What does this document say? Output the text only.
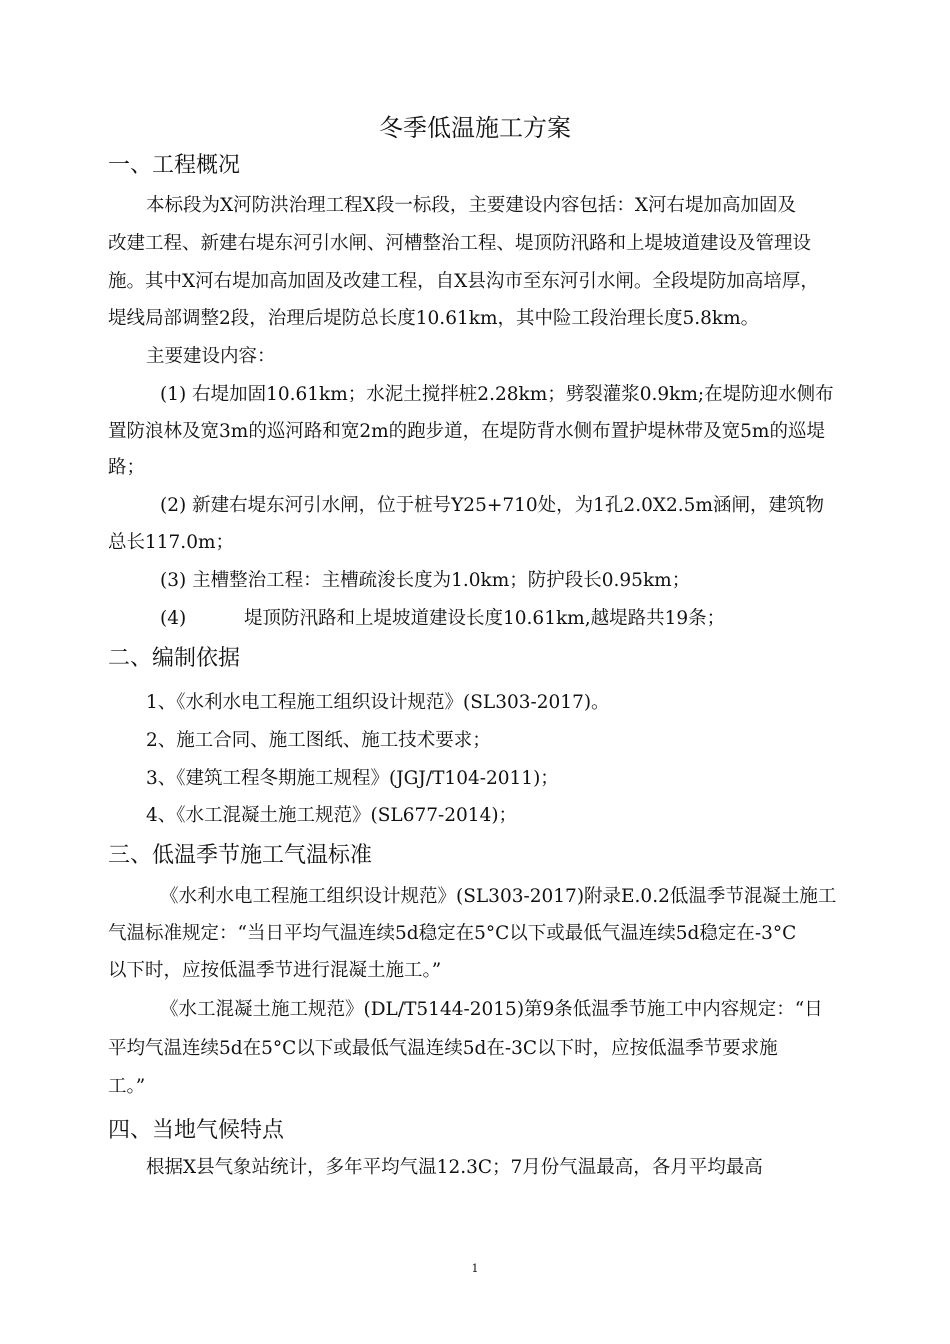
冬季低温施工方案
一、工程概况
本标段为X河防洪治理工程X段一标段，主要建设内容包括：X河右堤加高加固及
改建工程、新建右堤东河引水闸、河槽整治工程、堤顶防汛路和上堤坡道建设及管理设
施。其中X河右堤加高加固及改建工程，自X县沟市至东河引水闸。全段堤防加高培厚，
堤线局部调整2段，治理后堤防总长度10.61km，其中险工段治理长度5.8km。
主要建设内容：
(1) 右堤加固10.61km；水泥土搅拌桩2.28km；劈裂灌浆0.9km;在堤防迎水侧布
置防浪林及宽3m的巡河路和宽2m的跑步道，在堤防背水侧布置护堤林带及宽5m的巡堤
路；
(2) 新建右堤东河引水闸，位于桩号Y25+710处，为1孔2.0X2.5m涵闸，建筑物
总长117.0m；
(3) 主槽整治工程：主槽疏浚长度为1.0km；防护段长0.95km；
(4)	堤顶防汛路和上堤坡道建设长度10.61km,越堤路共19条；
二、编制依据
1、《水利水电工程施工组织设计规范》(SL303-2017)。
2、施工合同、施工图纸、施工技术要求；
3、《建筑工程冬期施工规程》(JGJ/T104-2011)；
4、《水工混凝土施工规范》(SL677-2014)；
三、低温季节施工气温标准
《水利水电工程施工组织设计规范》(SL303-2017)附录E.0.2低温季节混凝土施工
气温标准规定：“当日平均气温连续5d稳定在5°C以下或最低气温连续5d稳定在-3°C
以下时，应按低温季节进行混凝土施工。”
《水工混凝土施工规范》(DL/T5144-2015)第9条低温季节施工中内容规定：“日
平均气温连续5d在5°C以下或最低气温连续5d在-3C以下时，应按低温季节要求施
工。”
四、当地气候特点
根据X县气象站统计，多年平均气温12.3C；7月份气温最高，各月平均最高
1
